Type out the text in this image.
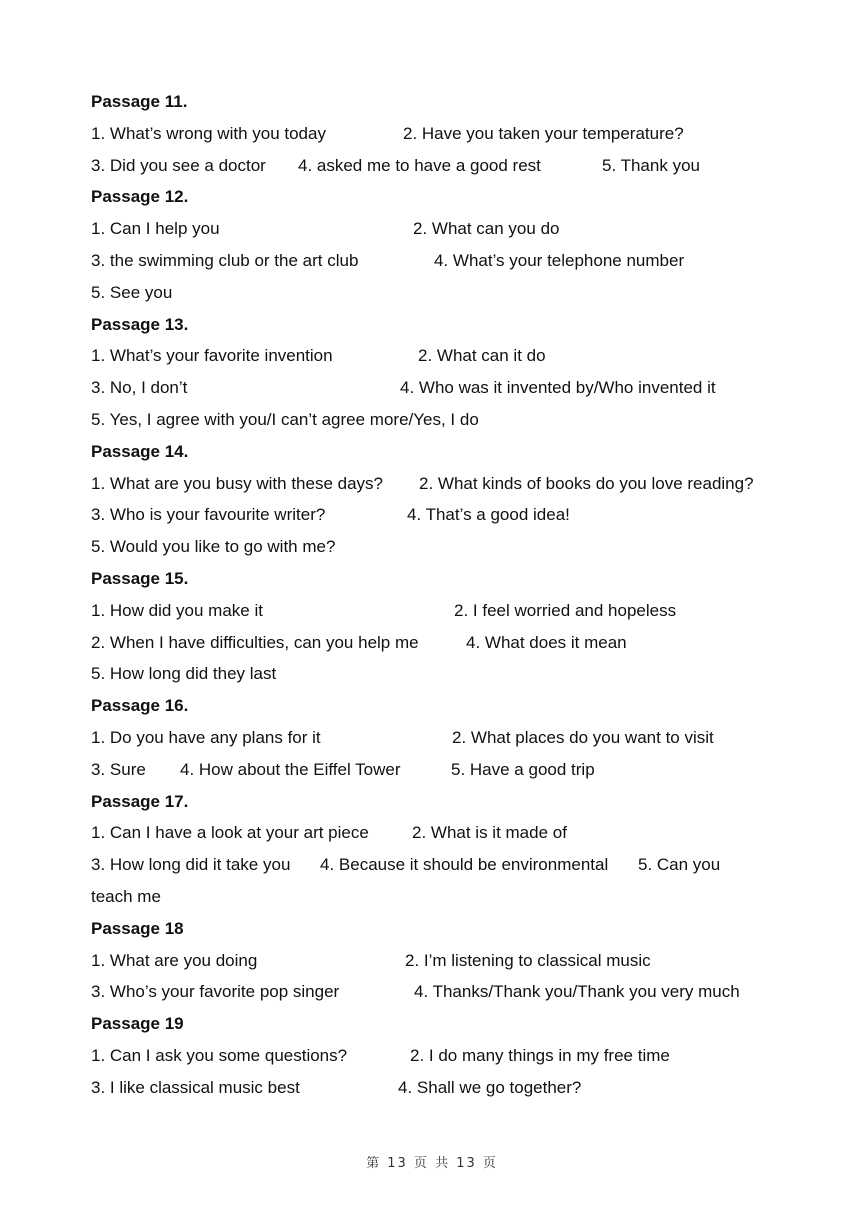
Passage 11.
1. What’s wrong with you today	2. Have you taken your temperature?
3. Did you see a doctor 4. asked me to have a good rest	5. Thank you
Passage 12.
1. Can I help you	2. What can you do
3. the swimming club or the art club	4. What’s your telephone number
5. See you
Passage 13.
1. What’s your favorite invention	2. What can it do
3. No, I don’t	4. Who was it invented by/Who invented it
5. Yes, I agree with you/I can’t agree more/Yes, I do
Passage 14.
1. What are you busy with these days? 2. What kinds of books do you love reading?
3. Who is your favourite writer?	4. That’s a good idea!
5. Would you like to go with me?
Passage 15.
1. How did you make it	2. I feel worried and hopeless
2. When I have difficulties, can you help me	4. What does it mean
5. How long did they last
Passage 16.
1. Do you have any plans for it	2. What places do you want to visit
3. Sure 4. How about the Eiffel Tower	5. Have a good trip
Passage 17.
1. Can I have a look at your art piece	2. What is it made of
3. How long did it take you 4. Because it should be environmental 5. Can you
teach me
Passage 18
1. What are you doing	2. I’m listening to classical music
3. Who’s your favorite pop singer	4. Thanks/Thank you/Thank you very much
Passage 19
1. Can I ask you some questions?	2. I do many things in my free time
3. I like classical music best	4. Shall we go together?
第 13 页 共 13 页
